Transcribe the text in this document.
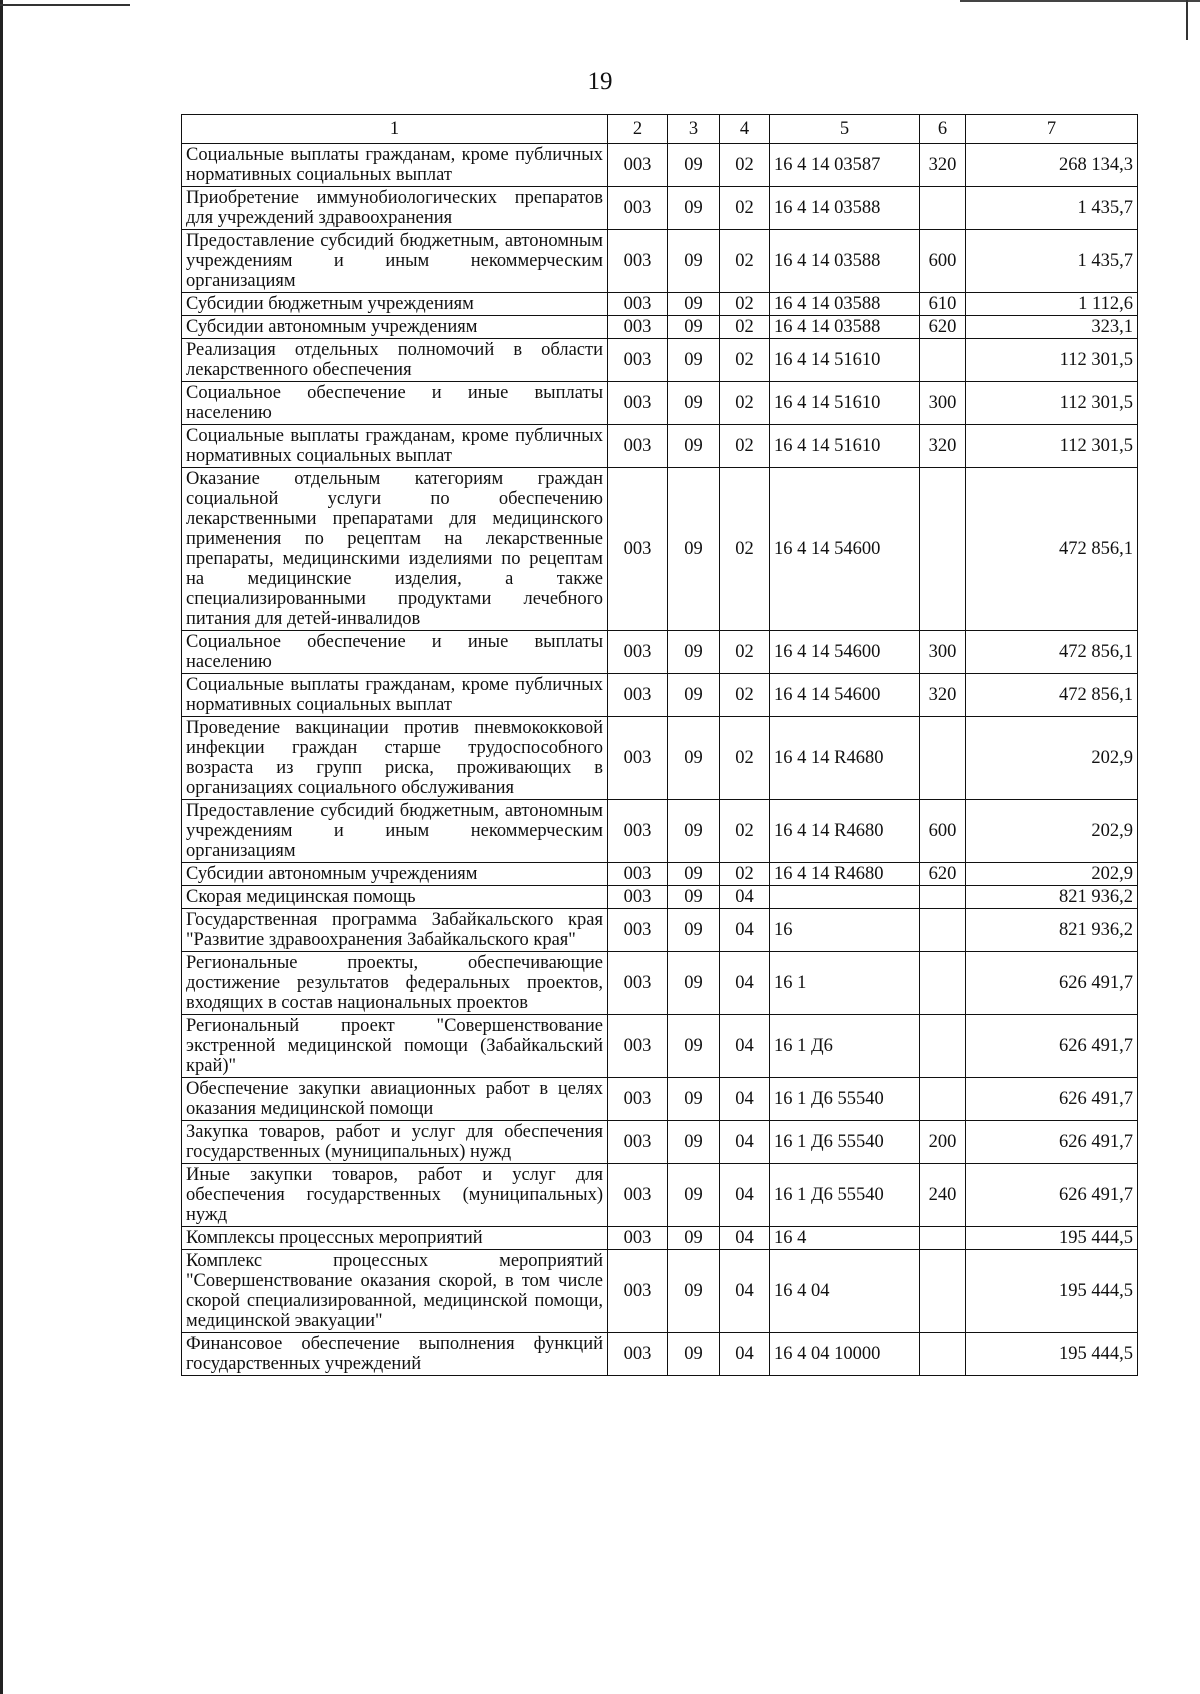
19
1	2	3	4	5	6	7
Социальные выплаты гражданам, кроме публичных нормативных социальных выплат	003	09	02	16 4 14 03587	320	268 134,3
Приобретение иммунобиологических препаратов для учреждений здравоохранения	003	09	02	16 4 14 03588		1 435,7
Предоставление субсидий бюджетным, автономным учреждениям и иным некоммерческим организациям	003	09	02	16 4 14 03588	600	1 435,7
Субсидии бюджетным учреждениям	003	09	02	16 4 14 03588	610	1 112,6
Субсидии автономным учреждениям	003	09	02	16 4 14 03588	620	323,1
Реализация отдельных полномочий в области лекарственного обеспечения	003	09	02	16 4 14 51610		112 301,5
Социальное обеспечение и иные выплаты населению	003	09	02	16 4 14 51610	300	112 301,5
Социальные выплаты гражданам, кроме публичных нормативных социальных выплат	003	09	02	16 4 14 51610	320	112 301,5
Оказание отдельным категориям граждан социальной услуги по обеспечению лекарственными препаратами для медицинского применения по рецептам на лекарственные препараты, медицинскими изделиями по рецептам на медицинские изделия, а также специализированными продуктами лечебного питания для детей-инвалидов	003	09	02	16 4 14 54600		472 856,1
Социальное обеспечение и иные выплаты населению	003	09	02	16 4 14 54600	300	472 856,1
Социальные выплаты гражданам, кроме публичных нормативных социальных выплат	003	09	02	16 4 14 54600	320	472 856,1
Проведение вакцинации против пневмококковой инфекции граждан старше трудоспособного возраста из групп риска, проживающих в организациях социального обслуживания	003	09	02	16 4 14 R4680		202,9
Предоставление субсидий бюджетным, автономным учреждениям и иным некоммерческим организациям	003	09	02	16 4 14 R4680	600	202,9
Субсидии автономным учреждениям	003	09	02	16 4 14 R4680	620	202,9
Скорая медицинская помощь	003	09	04			821 936,2
Государственная программа Забайкальского края "Развитие здравоохранения Забайкальского края"	003	09	04	16		821 936,2
Региональные проекты, обеспечивающие достижение результатов федеральных проектов, входящих в состав национальных проектов	003	09	04	16 1		626 491,7
Региональный проект "Совершенствование экстренной медицинской помощи (Забайкальский край)"	003	09	04	16 1 Д6		626 491,7
Обеспечение закупки авиационных работ в целях оказания медицинской помощи	003	09	04	16 1 Д6 55540		626 491,7
Закупка товаров, работ и услуг для обеспечения государственных (муниципальных) нужд	003	09	04	16 1 Д6 55540	200	626 491,7
Иные закупки товаров, работ и услуг для обеспечения государственных (муниципальных) нужд	003	09	04	16 1 Д6 55540	240	626 491,7
Комплексы процессных мероприятий	003	09	04	16 4		195 444,5
Комплекс процессных мероприятий "Совершенствование оказания скорой, в том числе скорой специализированной, медицинской помощи, медицинской эвакуации"	003	09	04	16 4 04		195 444,5
Финансовое обеспечение выполнения функций государственных учреждений	003	09	04	16 4 04 10000		195 444,5
